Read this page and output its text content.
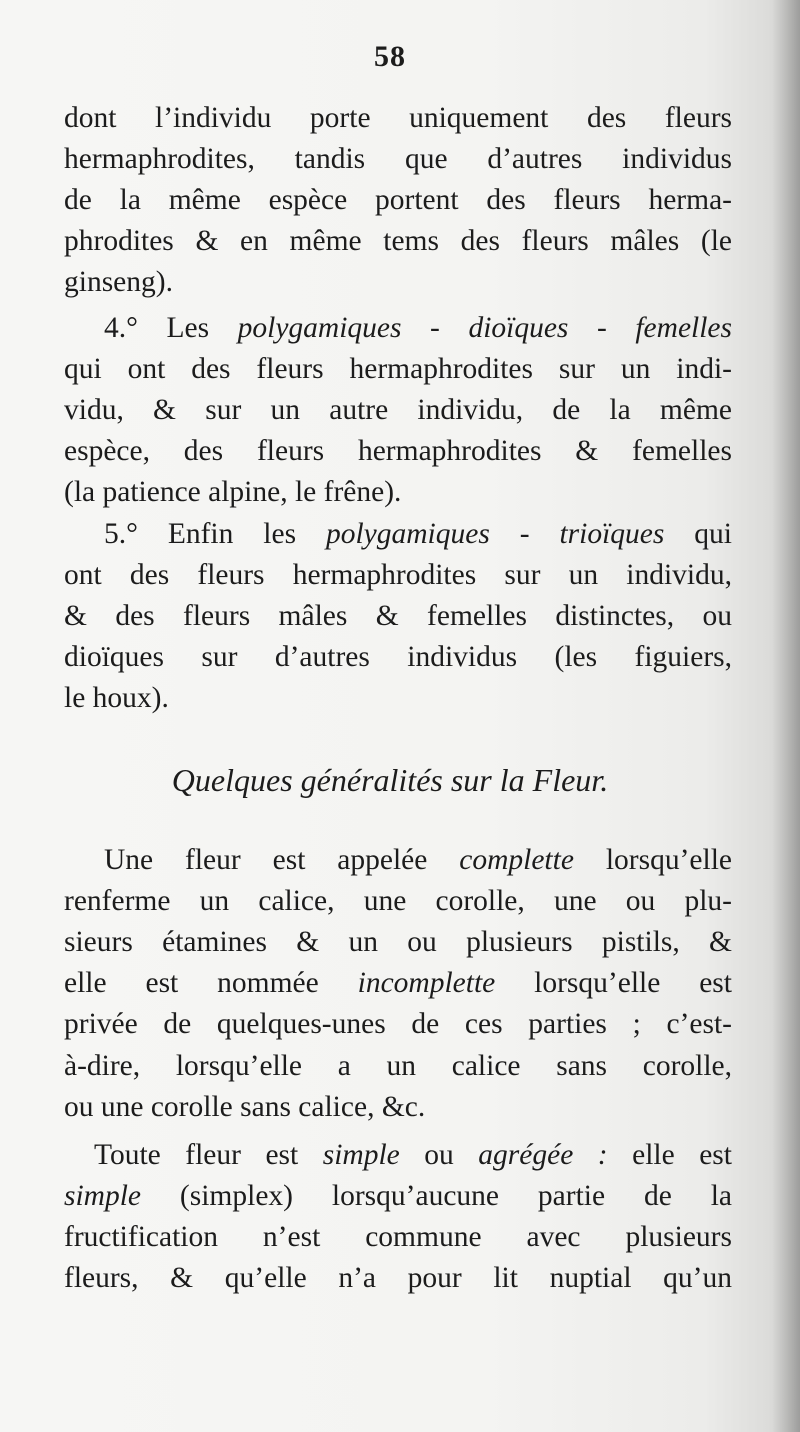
58
dont l’individu porte uniquement des fleurs
hermaphrodites, tandis que d’autres individus
de la même espèce portent des fleurs herma-
phrodites & en même tems des fleurs mâles (le
ginseng).
4.° Les polygamiques - dioïques - femelles
qui ont des fleurs hermaphrodites sur un indi-
vidu, & sur un autre individu, de la même
espèce, des fleurs hermaphrodites & femelles
(la patience alpine, le frêne).
5.° Enfin les polygamiques - trioïques qui
ont des fleurs hermaphrodites sur un individu,
& des fleurs mâles & femelles distinctes, ou
dioïques sur d’autres individus (les figuiers,
le houx).
Quelques généralités sur la Fleur.
Une fleur est appelée complette lorsqu’elle
renferme un calice, une corolle, une ou plu-
sieurs étamines & un ou plusieurs pistils, &
elle est nommée incomplette lorsqu’elle est
privée de quelques-unes de ces parties ; c’est-
à-dire, lorsqu’elle a un calice sans corolle,
ou une corolle sans calice, &c.
Toute fleur est simple ou agrégée : elle est
simple (simplex) lorsqu’aucune partie de la
fructification n’est commune avec plusieurs
fleurs, & qu’elle n’a pour lit nuptial qu’un
